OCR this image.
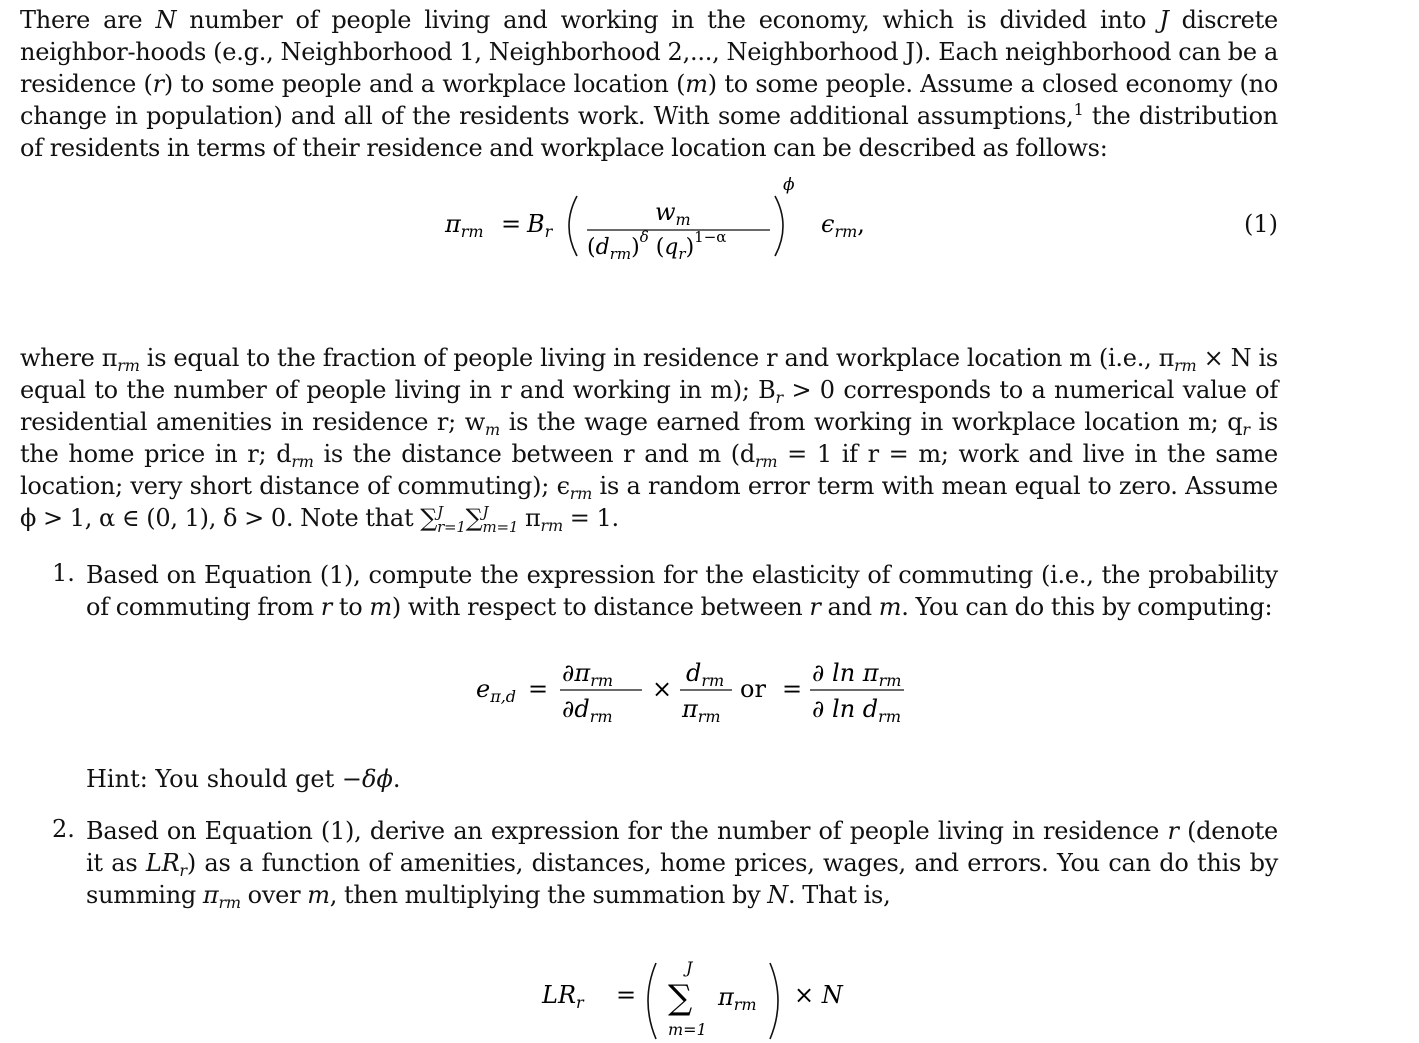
There are N number of people living and working in the economy, which is divided into J discrete neighbor-hoods (e.g., Neighborhood 1, Neighborhood 2,..., Neighborhood J). Each neighborhood can be a residence (r) to some people and a workplace location (m) to some people. Assume a closed economy (no change in population) and all of the residents work. With some additional assumptions,$^1$ the distribution of residents in terms of their residence and workplace location can be described as follows:

$\pi_{rm} = B_r$
$w_m$
$(d_{rm})^\delta$ $(q_r)^{1-\alpha}$
ϕ
$\epsilon_{rm}$,	(1)

where $\pi_{rm}$ is equal to the fraction of people living in residence r and workplace location m (i.e., $\pi_{rm} \times N$ is equal to the number of people living in r and working in m); $B_r > 0$ corresponds to a numerical value of residential amenities in residence r; $w_m$ is the wage earned from working in workplace location m; $q_r$ is the home price in r; $d_{rm}$ is the distance between r and m ($d_{rm} = 1$ if r = m; work and live in the same location; very short distance of commuting); $\epsilon_{rm}$ is a random error term with mean equal to zero. Assume ϕ > 1, α ∈ (0, 1), δ > 0. Note that ∑ J
r=1 ∑ J
m=1 $\pi_{rm} = 1$.

1. Based on Equation (1), compute the expression for the elasticity of commuting (i.e., the probability of commuting from r to m) with respect to distance between r and m. You can do this by computing:

$e_{\pi,d}$ =
$\partial\pi_{rm}$
$\partial d_{rm}$
×
$d_{rm}$
$\pi_{rm}$
or =
∂ $\ln \pi_{rm}$
∂ $\ln d_{rm}$

Hint: You should get −δϕ.

2. Based on Equation (1), derive an expression for the number of people living in residence r (denote it as $LR_r$) as a function of amenities, distances, home prices, wages, and errors. You can do this by summing $\pi_{rm}$ over m, then multiplying the summation by N. That is,

$LR_r$ =
J
∑
m=1
$\pi_{rm} \times N$
